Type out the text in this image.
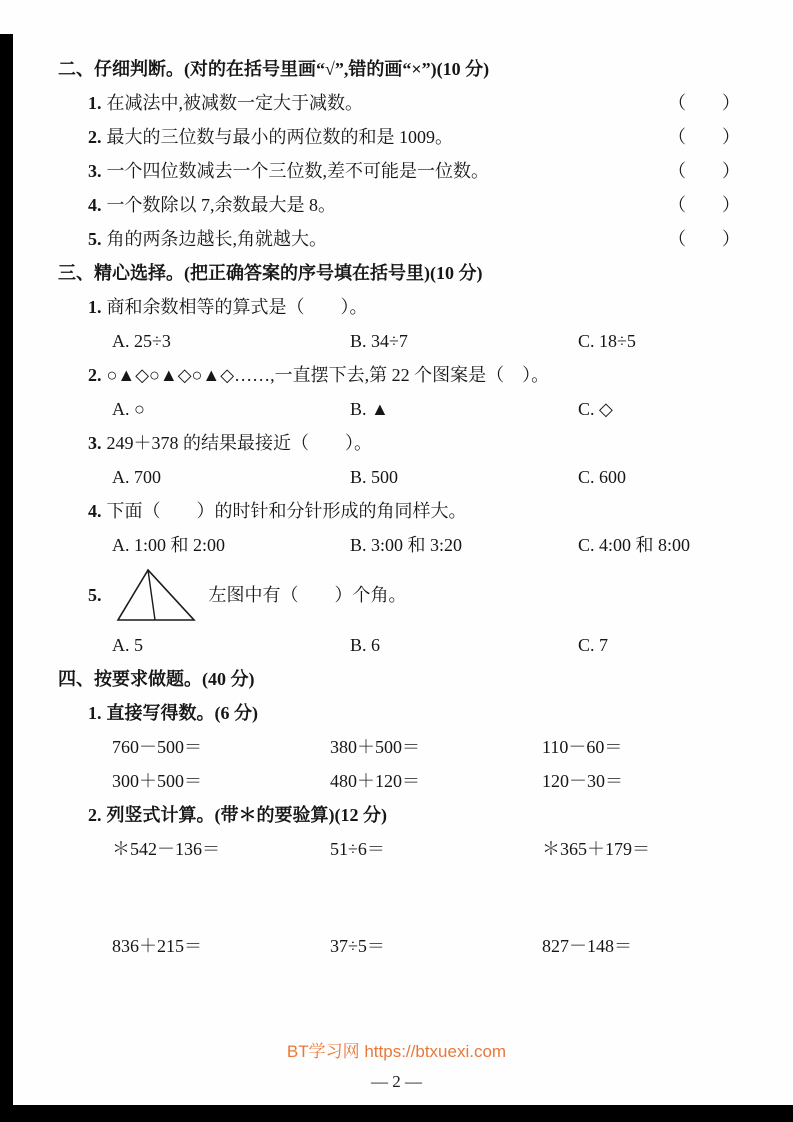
二、仔细判断。(对的在括号里画“√”,错的画“×”)(10 分)
1. 在减法中,被减数一定大于减数。	（　　）
2. 最大的三位数与最小的两位数的和是 1009。	（　　）
3. 一个四位数减去一个三位数,差不可能是一位数。	（　　）
4. 一个数除以 7,余数最大是 8。	（　　）
5. 角的两条边越长,角就越大。	（　　）
三、精心选择。(把正确答案的序号填在括号里)(10 分)
1. 商和余数相等的算式是（　　）。
A. 25÷3	B. 34÷7	C. 18÷5
2. ○▲◇○▲◇○▲◇……,一直摆下去,第 22 个图案是（　）。
A. ○	B. ▲	C. ◇
3. 249＋378 的结果最接近（　　）。
A. 700	B. 500	C. 600
4. 下面（　　）的时针和分针形成的角同样大。
A. 1:00 和 2:00	B. 3:00 和 3:20	C. 4:00 和 8:00
5.	左图中有（　　）个角。
A. 5	B. 6	C. 7
四、按要求做题。(40 分)
1. 直接写得数。(6 分)
760－500＝	380＋500＝	110－60＝
300＋500＝	480＋120＝	120－30＝
2. 列竖式计算。(带＊的要验算)(12 分)
＊542－136＝	51÷6＝	＊365＋179＝
836＋215＝	37÷5＝	827－148＝
BT学习网 https://btxuexi.com
— 2 —
